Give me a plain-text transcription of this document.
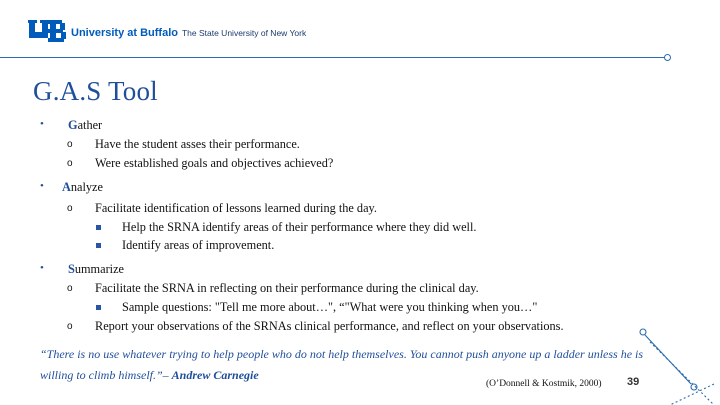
University at Buffalo The State University of New York
G.A.S Tool
• Gather
o Have the student asses their performance.
o Were established goals and objectives achieved?
• Analyze
o Facilitate identification of lessons learned during the day.
Help the SRNA identify areas of their performance where they did well.
Identify areas of improvement.
• Summarize
o Facilitate the SRNA in reflecting on their performance during the clinical day.
Sample questions: "Tell me more about…", “"What were you thinking when you…"
o Report your observations of the SRNAs clinical performance, and reflect on your observations.
“There is no use whatever trying to help people who do not help themselves. You cannot push anyone up a ladder unless he is willing to climb himself.”– Andrew Carnegie
(O’Donnell & Kostmik, 2000) 39
